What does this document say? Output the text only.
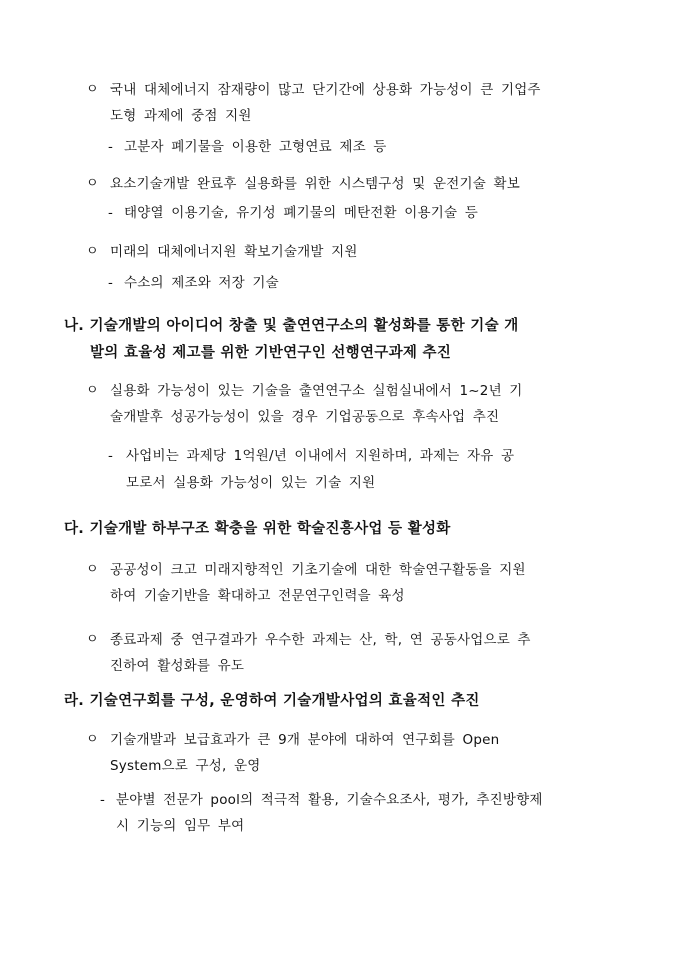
ㅇ 국내 대체에너지 잠재량이 많고 단기간에 상용화 가능성이 큰 기업주
도형 과제에 중점 지원
- 고분자 폐기물을 이용한 고형연료 제조 등
ㅇ 요소기술개발 완료후 실용화를 위한 시스템구성 및 운전기술 확보
- 태양열 이용기술, 유기성 폐기물의 메탄전환 이용기술 등
ㅇ 미래의 대체에너지원 확보기술개발 지원
- 수소의 제조와 저장 기술
나. 기술개발의 아이디어 창출 및 출연연구소의 활성화를 통한 기술 개
발의 효율성 제고를 위한 기반연구인 선행연구과제 추진
ㅇ 실용화 가능성이 있는 기술을 출연연구소 실험실내에서 1~2년 기
술개발후 성공가능성이 있을 경우 기업공동으로 후속사업 추진
- 사업비는 과제당 1억원/년 이내에서 지원하며, 과제는 자유 공
모로서 실용화 가능성이 있는 기술 지원
다. 기술개발 하부구조 확충을 위한 학술진흥사업 등 활성화
ㅇ 공공성이 크고 미래지향적인 기초기술에 대한 학술연구활동을 지원
하여 기술기반을 확대하고 전문연구인력을 육성
ㅇ 종료과제 중 연구결과가 우수한 과제는 산, 학, 연 공동사업으로 추
진하여 활성화를 유도
라. 기술연구회를 구성, 운영하여 기술개발사업의 효율적인 추진
ㅇ 기술개발과 보급효과가 큰 9개 분야에 대하여 연구회를 Open
System으로 구성, 운영
- 분야별 전문가 pool의 적극적 활용, 기술수요조사, 평가, 추진방향제
시 기능의 임무 부여
